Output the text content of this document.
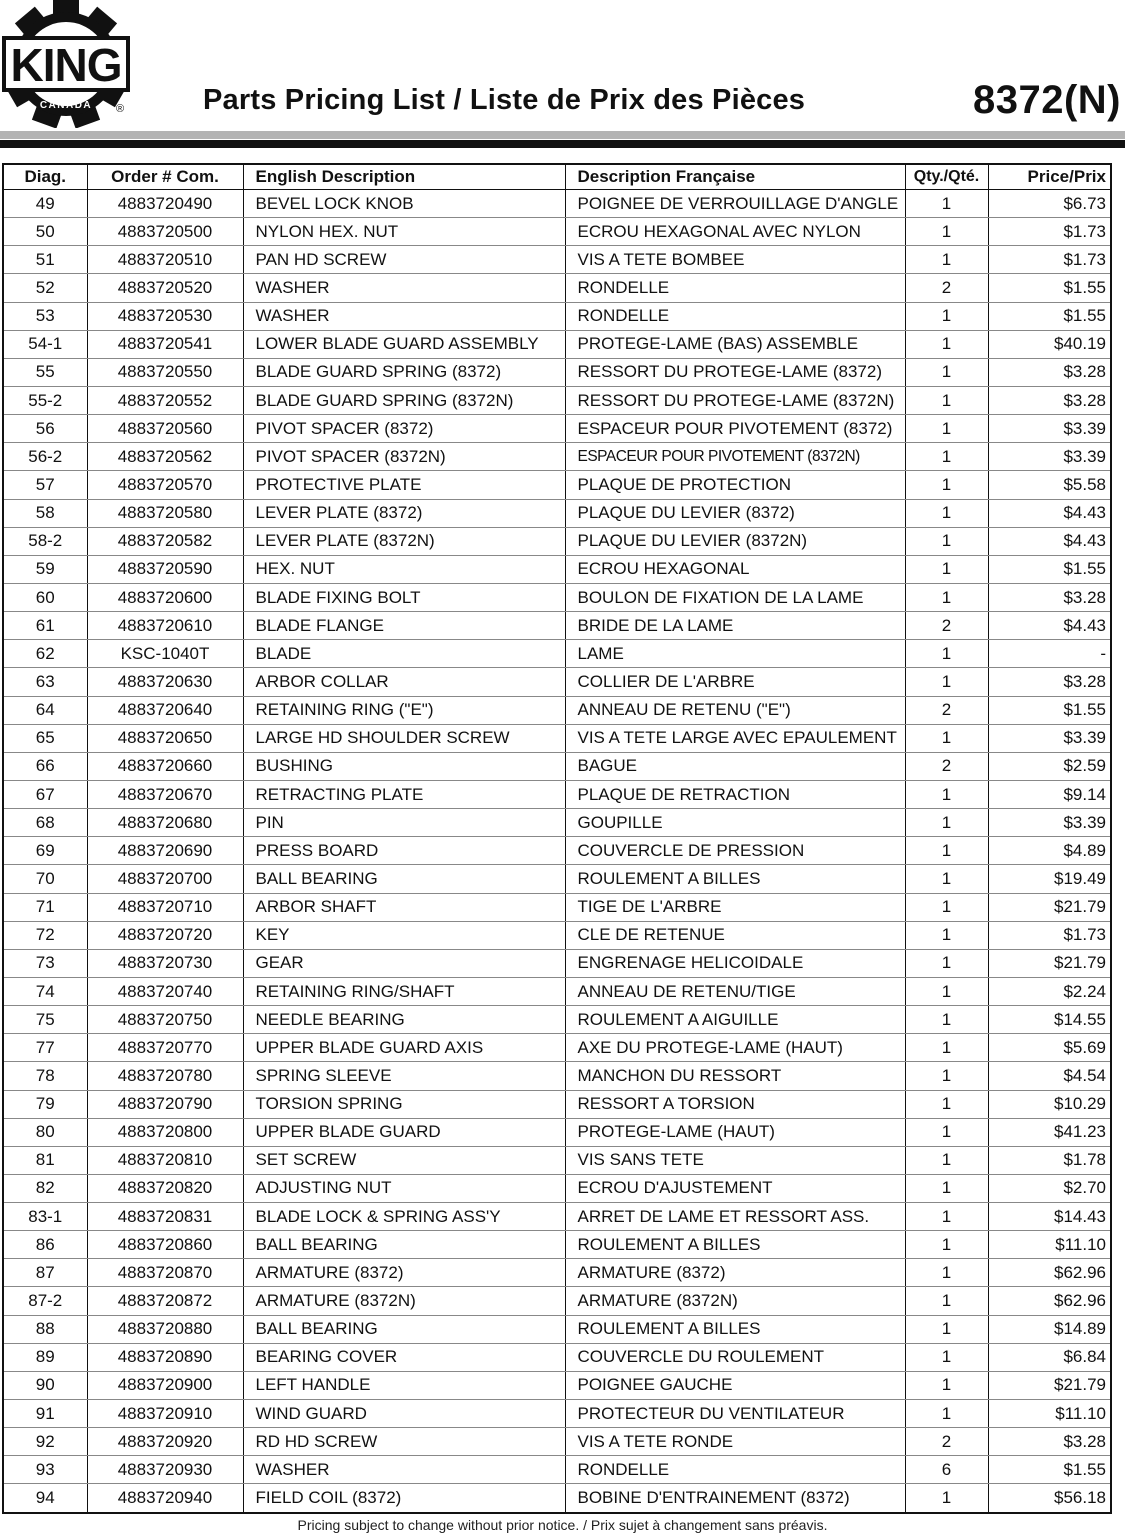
KING
CANADA ®	Parts Pricing List / Liste de Prix des Pièces	8372(N)
Diag.	Order # Com.	English Description	Description Française	Qty./Qté.	Price/Prix
49	4883720490	BEVEL LOCK KNOB	POIGNEE DE VERROUILLAGE D'ANGLE	1	$6.73
50	4883720500	NYLON HEX. NUT	ECROU HEXAGONAL AVEC NYLON	1	$1.73
51	4883720510	PAN HD SCREW	VIS A TETE BOMBEE	1	$1.73
52	4883720520	WASHER	RONDELLE	2	$1.55
53	4883720530	WASHER	RONDELLE	1	$1.55
54-1	4883720541	LOWER BLADE GUARD ASSEMBLY	PROTEGE-LAME (BAS) ASSEMBLE	1	$40.19
55	4883720550	BLADE GUARD SPRING (8372)	RESSORT DU PROTEGE-LAME (8372)	1	$3.28
55-2	4883720552	BLADE GUARD SPRING (8372N)	RESSORT DU PROTEGE-LAME (8372N)	1	$3.28
56	4883720560	PIVOT SPACER (8372)	ESPACEUR POUR PIVOTEMENT (8372)	1	$3.39
56-2	4883720562	PIVOT SPACER (8372N)	ESPACEUR POUR PIVOTEMENT (8372N)	1	$3.39
57	4883720570	PROTECTIVE PLATE	PLAQUE DE PROTECTION	1	$5.58
58	4883720580	LEVER PLATE (8372)	PLAQUE DU LEVIER (8372)	1	$4.43
58-2	4883720582	LEVER PLATE (8372N)	PLAQUE DU LEVIER (8372N)	1	$4.43
59	4883720590	HEX. NUT	ECROU HEXAGONAL	1	$1.55
60	4883720600	BLADE FIXING BOLT	BOULON DE FIXATION DE LA LAME	1	$3.28
61	4883720610	BLADE FLANGE	BRIDE DE LA LAME	2	$4.43
62	KSC-1040T	BLADE	LAME	1	-
63	4883720630	ARBOR COLLAR	COLLIER DE L'ARBRE	1	$3.28
64	4883720640	RETAINING RING ("E")	ANNEAU DE RETENU ("E")	2	$1.55
65	4883720650	LARGE HD SHOULDER SCREW	VIS A TETE LARGE AVEC EPAULEMENT	1	$3.39
66	4883720660	BUSHING	BAGUE	2	$2.59
67	4883720670	RETRACTING PLATE	PLAQUE DE RETRACTION	1	$9.14
68	4883720680	PIN	GOUPILLE	1	$3.39
69	4883720690	PRESS BOARD	COUVERCLE DE PRESSION	1	$4.89
70	4883720700	BALL BEARING	ROULEMENT A BILLES	1	$19.49
71	4883720710	ARBOR SHAFT	TIGE DE L'ARBRE	1	$21.79
72	4883720720	KEY	CLE DE RETENUE	1	$1.73
73	4883720730	GEAR	ENGRENAGE HELICOIDALE	1	$21.79
74	4883720740	RETAINING RING/SHAFT	ANNEAU DE RETENU/TIGE	1	$2.24
75	4883720750	NEEDLE BEARING	ROULEMENT A AIGUILLE	1	$14.55
77	4883720770	UPPER BLADE GUARD AXIS	AXE DU PROTEGE-LAME (HAUT)	1	$5.69
78	4883720780	SPRING SLEEVE	MANCHON DU RESSORT	1	$4.54
79	4883720790	TORSION SPRING	RESSORT A TORSION	1	$10.29
80	4883720800	UPPER BLADE GUARD	PROTEGE-LAME (HAUT)	1	$41.23
81	4883720810	SET SCREW	VIS SANS TETE	1	$1.78
82	4883720820	ADJUSTING NUT	ECROU D'AJUSTEMENT	1	$2.70
83-1	4883720831	BLADE LOCK & SPRING ASS'Y	ARRET DE LAME ET RESSORT ASS.	1	$14.43
86	4883720860	BALL BEARING	ROULEMENT A BILLES	1	$11.10
87	4883720870	ARMATURE (8372)	ARMATURE (8372)	1	$62.96
87-2	4883720872	ARMATURE (8372N)	ARMATURE (8372N)	1	$62.96
88	4883720880	BALL BEARING	ROULEMENT A BILLES	1	$14.89
89	4883720890	BEARING COVER	COUVERCLE DU ROULEMENT	1	$6.84
90	4883720900	LEFT HANDLE	POIGNEE GAUCHE	1	$21.79
91	4883720910	WIND GUARD	PROTECTEUR DU VENTILATEUR	1	$11.10
92	4883720920	RD HD SCREW	VIS A TETE RONDE	2	$3.28
93	4883720930	WASHER	RONDELLE	6	$1.55
94	4883720940	FIELD COIL (8372)	BOBINE D'ENTRAINEMENT (8372)	1	$56.18
Pricing subject to change without prior notice. / Prix sujet à changement sans préavis.
